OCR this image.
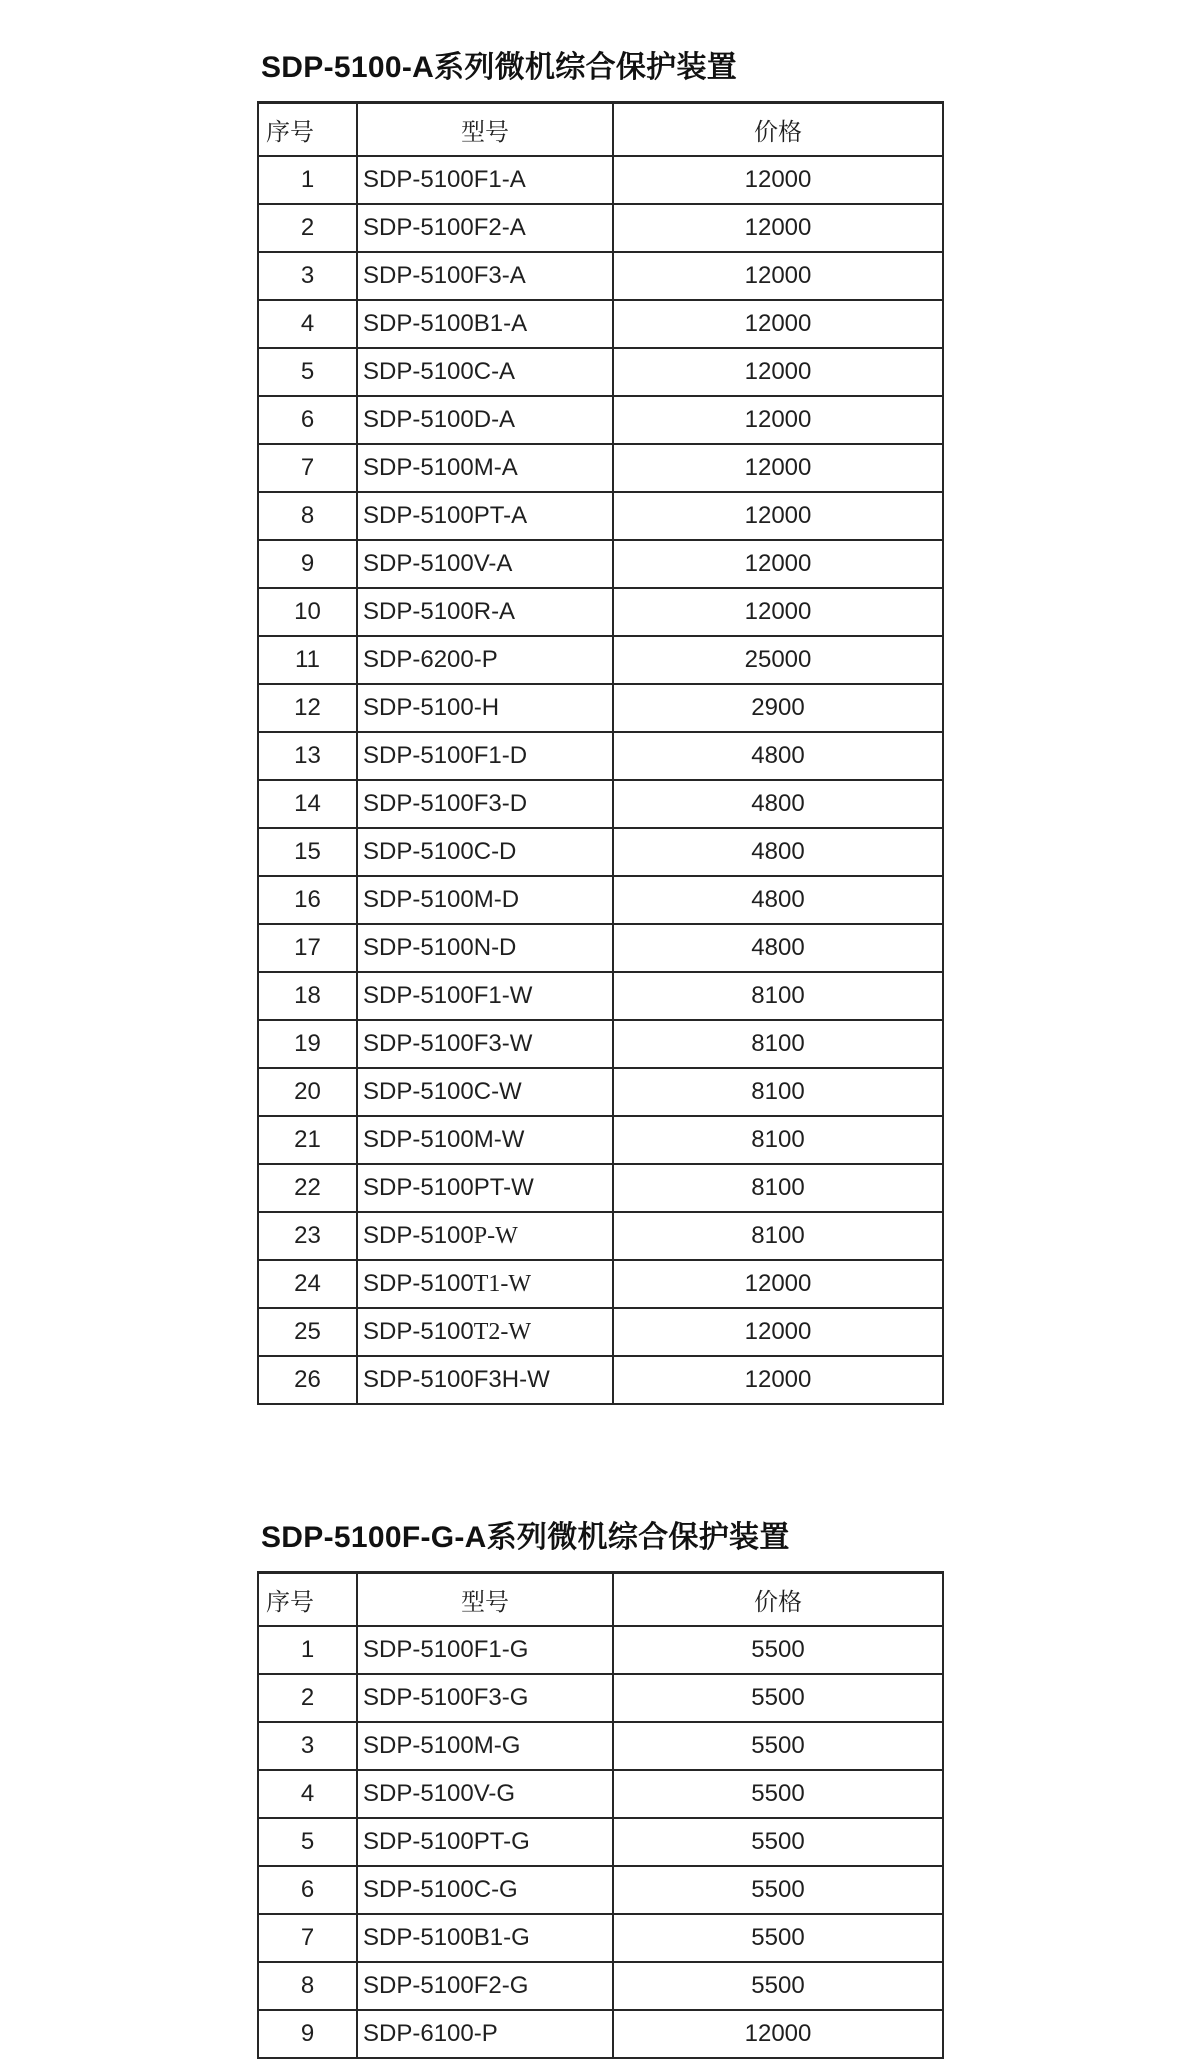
SDP-5100-A系列微机综合保护装置
序号	型号	价格
1	SDP-5100F1-A	12000
2	SDP-5100F2-A	12000
3	SDP-5100F3-A	12000
4	SDP-5100B1-A	12000
5	SDP-5100C-A	12000
6	SDP-5100D-A	12000
7	SDP-5100M-A	12000
8	SDP-5100PT-A	12000
9	SDP-5100V-A	12000
10	SDP-5100R-A	12000
11	SDP-6200-P	25000
12	SDP-5100-H	2900
13	SDP-5100F1-D	4800
14	SDP-5100F3-D	4800
15	SDP-5100C-D	4800
16	SDP-5100M-D	4800
17	SDP-5100N-D	4800
18	SDP-5100F1-W	8100
19	SDP-5100F3-W	8100
20	SDP-5100C-W	8100
21	SDP-5100M-W	8100
22	SDP-5100PT-W	8100
23	SDP-5100P-W	8100
24	SDP-5100T1-W	12000
25	SDP-5100T2-W	12000
26	SDP-5100F3H-W	12000
SDP-5100F-G-A系列微机综合保护装置
序号	型号	价格
1	SDP-5100F1-G	5500
2	SDP-5100F3-G	5500
3	SDP-5100M-G	5500
4	SDP-5100V-G	5500
5	SDP-5100PT-G	5500
6	SDP-5100C-G	5500
7	SDP-5100B1-G	5500
8	SDP-5100F2-G	5500
9	SDP-6100-P	12000
